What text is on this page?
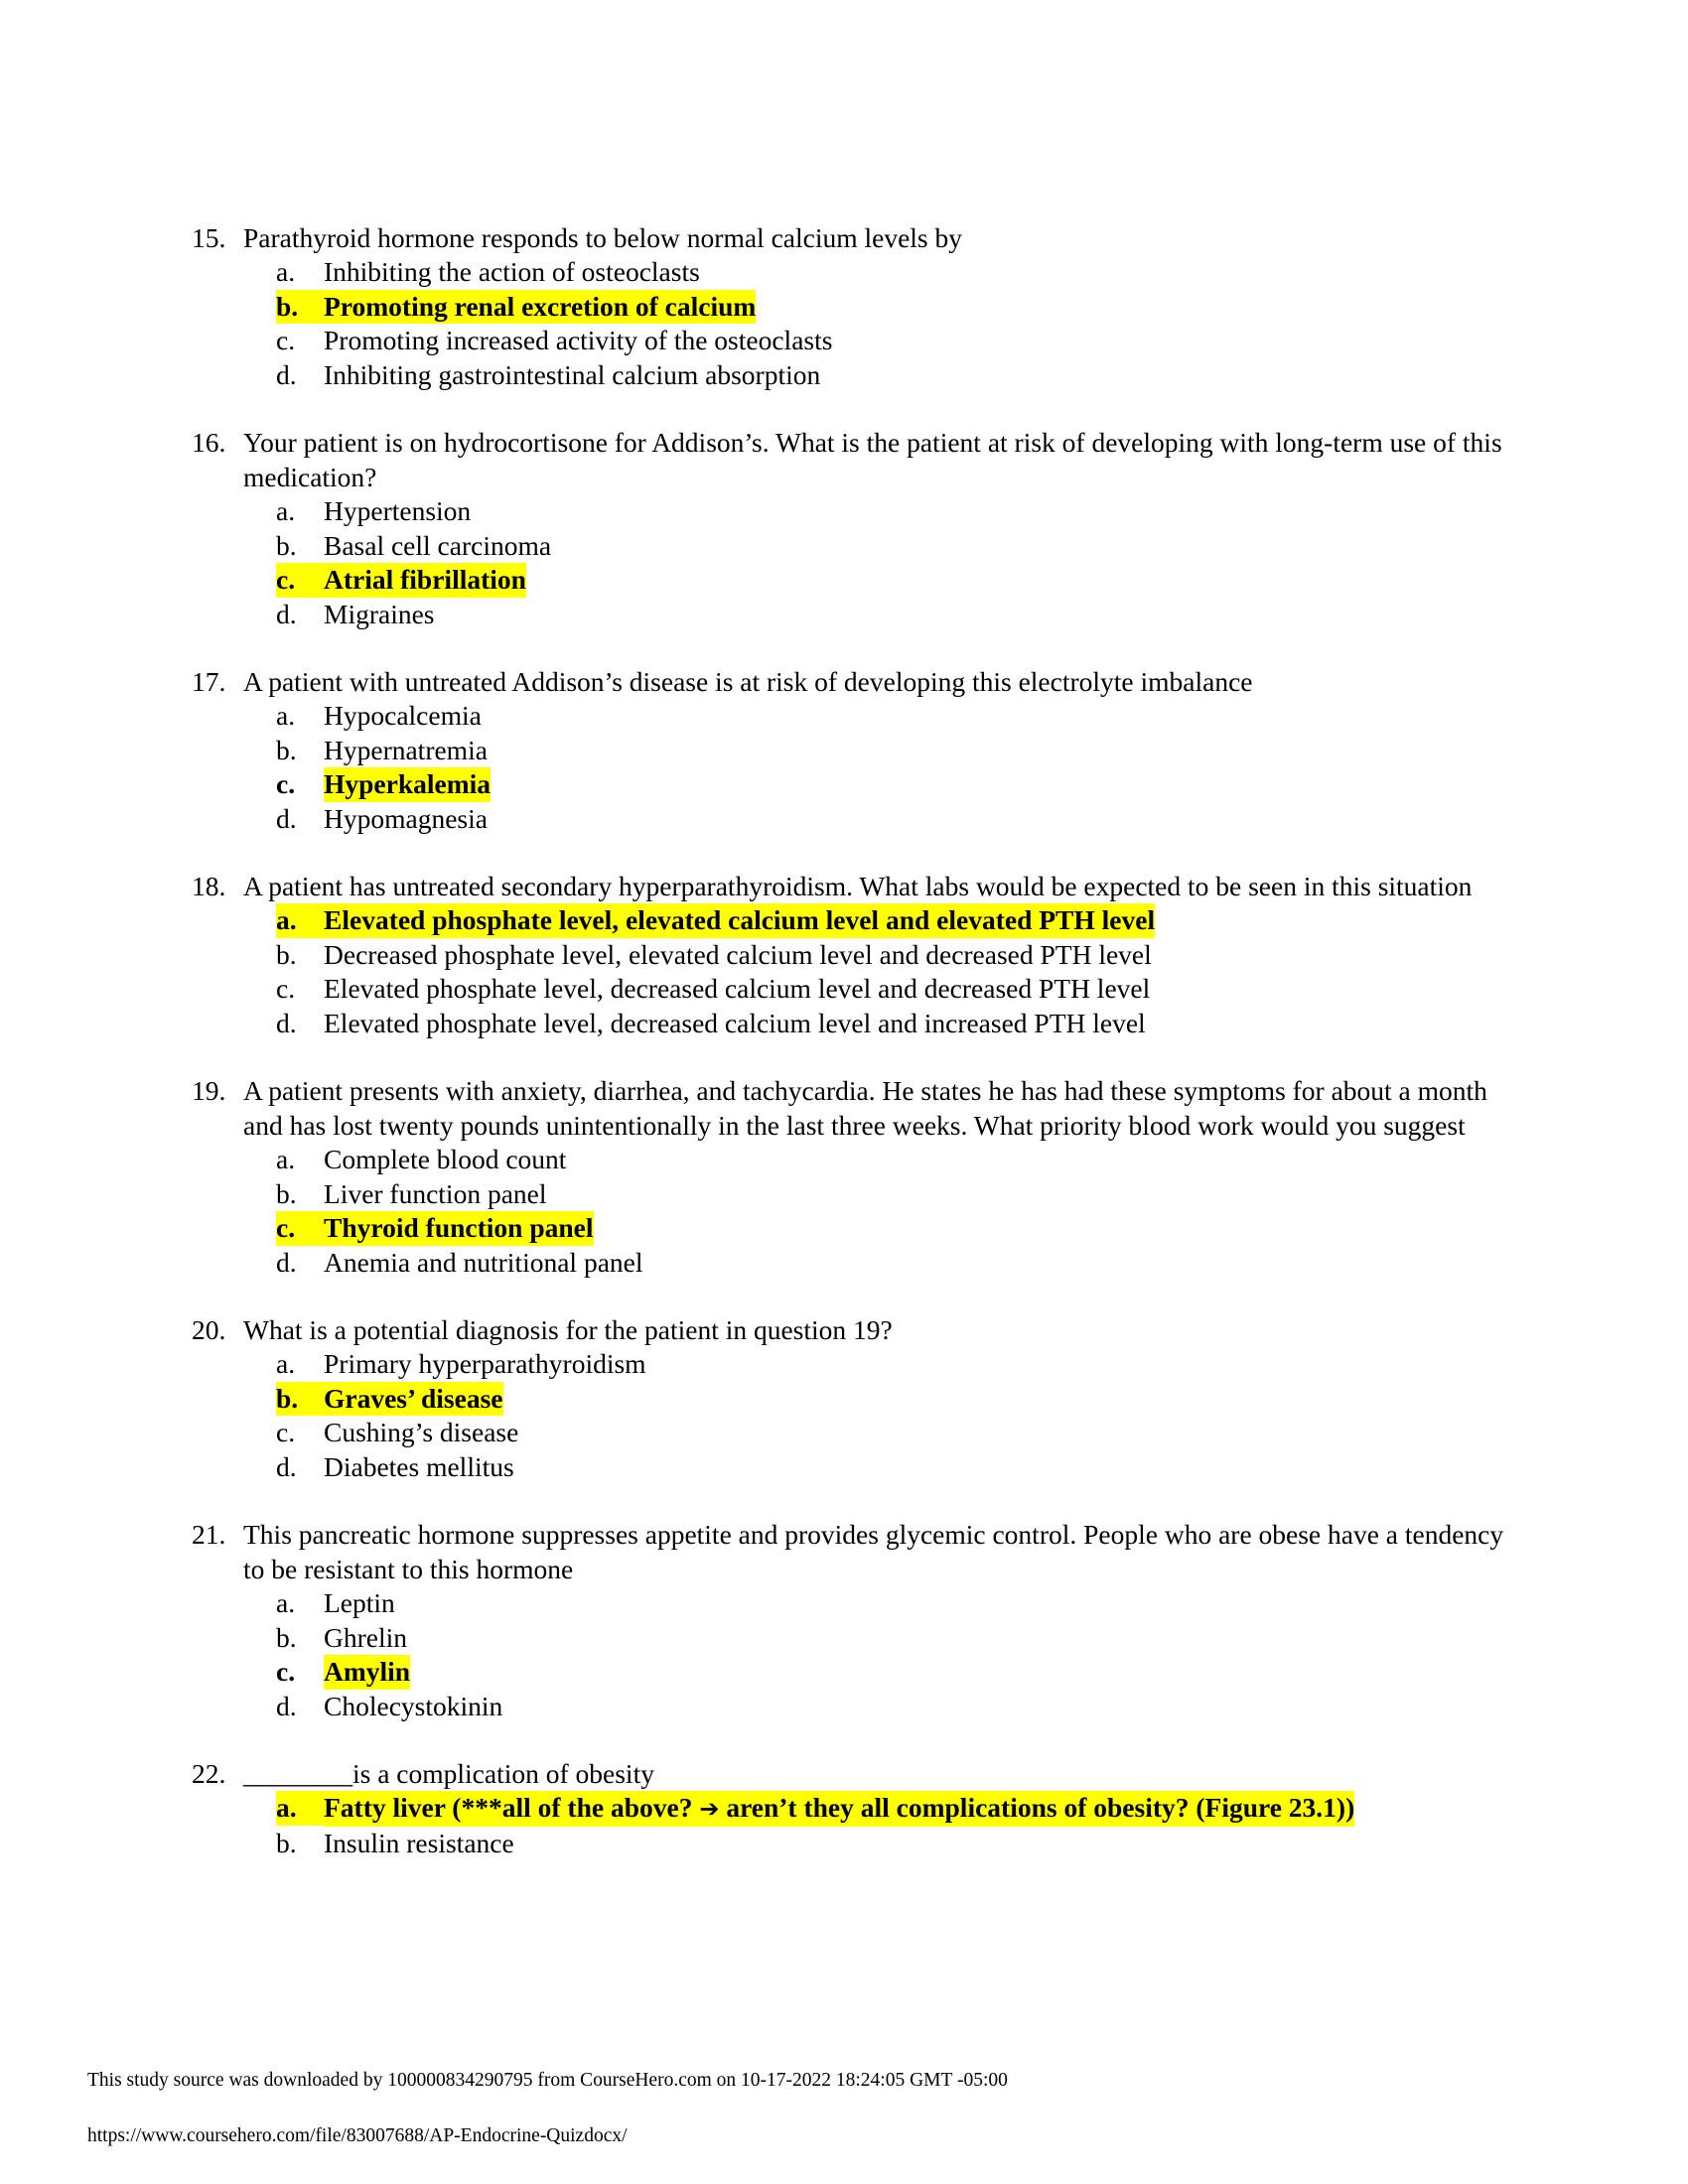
15. Parathyroid hormone responds to below normal calcium levels by
a.	Inhibiting the action of osteoclasts
b. Promoting renal excretion of calcium
c.	Promoting increased activity of the osteoclasts
d. Inhibiting gastrointestinal calcium absorption
16. Your patient is on hydrocortisone for Addison’s. What is the patient at risk of developing with long-term use of this medication?
a.	Hypertension
b. Basal cell carcinoma
c.	Atrial fibrillation
d. Migraines
17. A patient with untreated Addison’s disease is at risk of developing this electrolyte imbalance
a.	Hypocalcemia
b. Hypernatremia
c.	Hyperkalemia
d. Hypomagnesia
18. A patient has untreated secondary hyperparathyroidism. What labs would be expected to be seen in this situation
a. Elevated phosphate level, elevated calcium level and elevated PTH level
b. Decreased phosphate level, elevated calcium level and decreased PTH level
c.	Elevated phosphate level, decreased calcium level and decreased PTH level
d. Elevated phosphate level, decreased calcium level and increased PTH level
19. A patient presents with anxiety, diarrhea, and tachycardia. He states he has had these symptoms for about a month and has lost twenty pounds unintentionally in the last three weeks. What priority blood work would you suggest
a.	Complete blood count
b. Liver function panel
c.	Thyroid function panel
d. Anemia and nutritional panel
20. What is a potential diagnosis for the patient in question 19?
a.	Primary hyperparathyroidism
b. Graves’ disease
c.	Cushing’s disease
d. Diabetes mellitus
21. This pancreatic hormone suppresses appetite and provides glycemic control. People who are obese have a tendency to be resistant to this hormone
a.	Leptin
b. Ghrelin
c.	Amylin
d. Cholecystokinin
22. ________is a complication of obesity
a. Fatty liver (***all of the above? ➔ aren’t they all complications of obesity? (Figure 23.1))
b. Insulin resistance
This study source was downloaded by 100000834290795 from CourseHero.com on 10-17-2022 18:24:05 GMT -05:00
https://www.coursehero.com/file/83007688/AP-Endocrine-Quizdocx/
